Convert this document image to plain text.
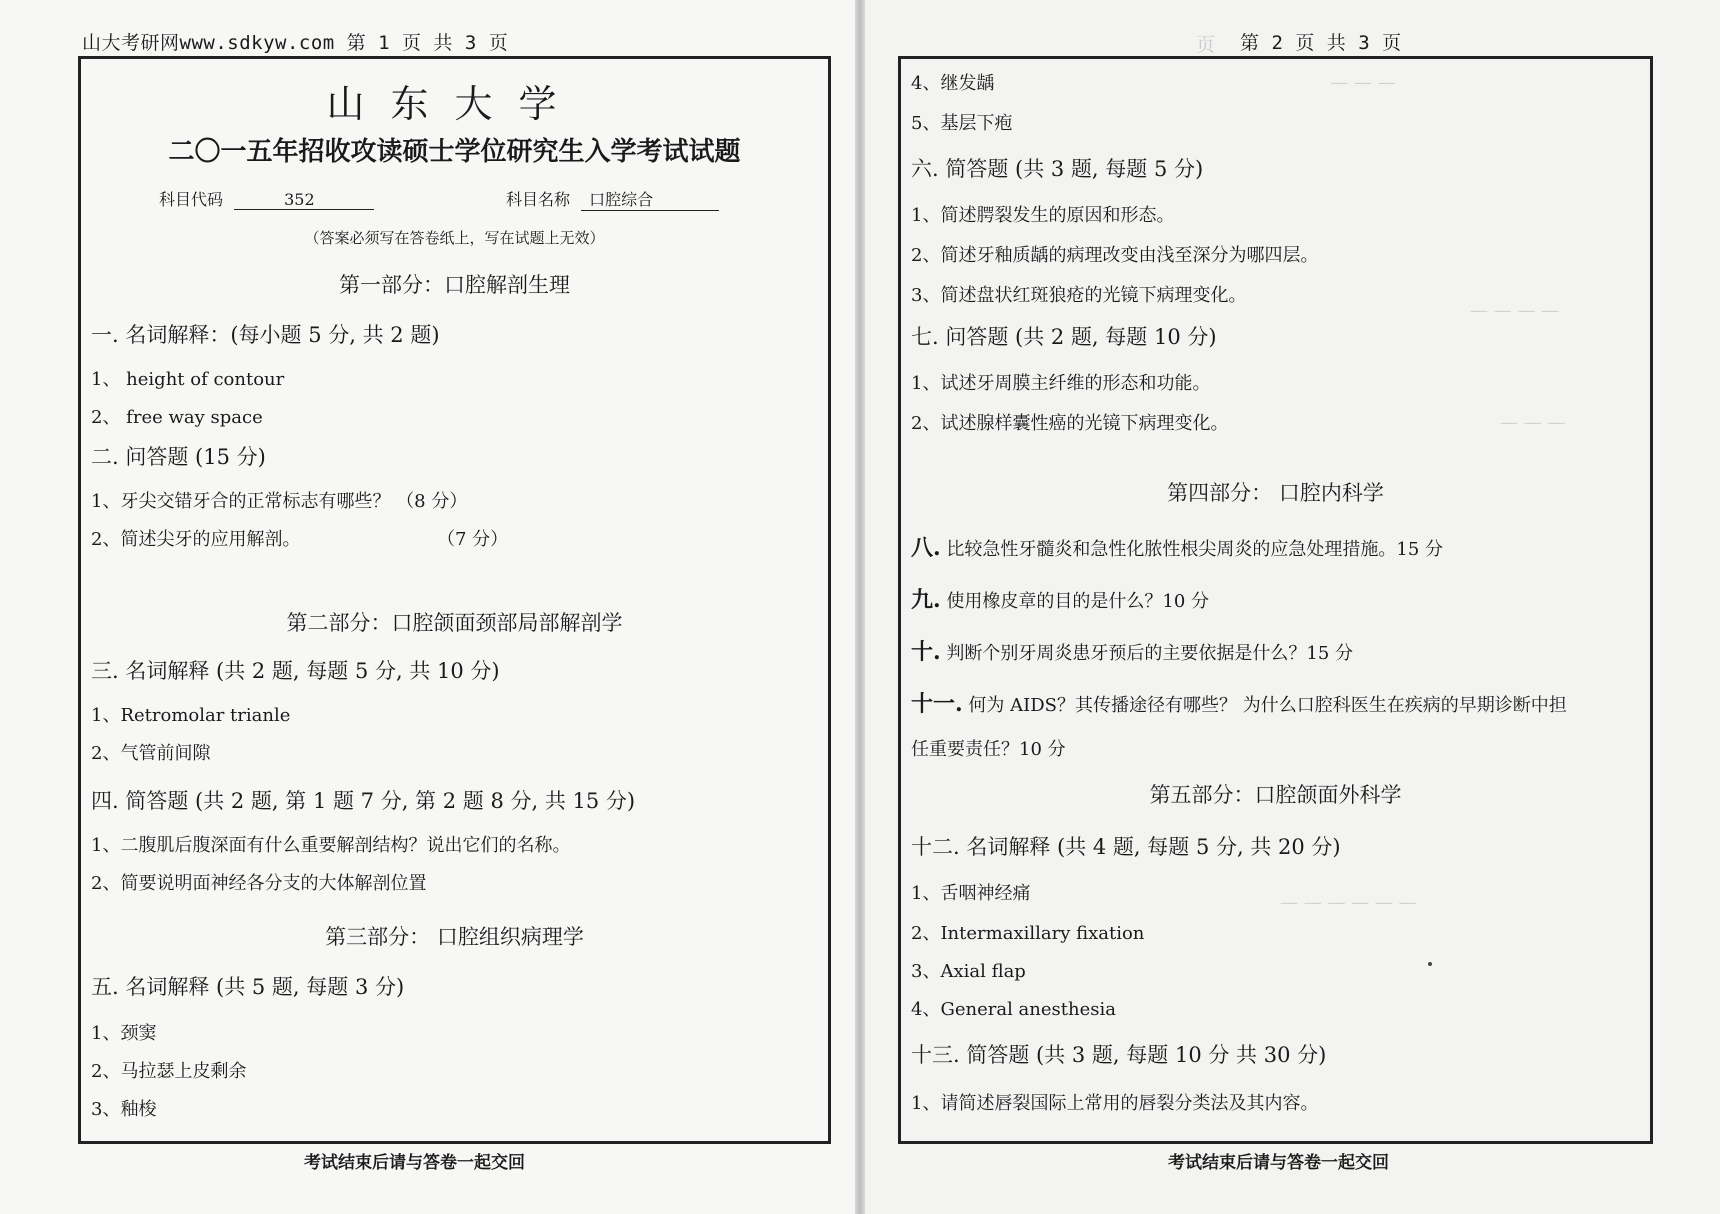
页
— — —
— — — —
— — —
— — — — — —
山大考研网www.sdkyw.com 第 1 页 共 3 页
山东大学
二〇一五年招收攻读硕士学位研究生入学考试试题
科目代码	352	科目名称 口腔综合
（答案必须写在答卷纸上，写在试题上无效）
第一部分：口腔解剖生理
一. 名词解释：(每小题 5 分, 共 2 题)
1、 height of contour
2、 free way space
二. 问答题 (15 分)
1、牙尖交错牙合的正常标志有哪些？ （8 分）
2、简述尖牙的应用解剖。	（7 分）
第二部分：口腔颌面颈部局部解剖学
三. 名词解释 (共 2 题, 每题 5 分, 共 10 分)
1、Retromolar trianle
2、气管前间隙
四. 简答题 (共 2 题, 第 1 题 7 分, 第 2 题 8 分, 共 15 分)
1、二腹肌后腹深面有什么重要解剖结构？说出它们的名称。
2、简要说明面神经各分支的大体解剖位置
第三部分： 口腔组织病理学
五. 名词解释 (共 5 题, 每题 3 分)
1、颈窦
2、马拉瑟上皮剩余
3、釉梭
考试结束后请与答卷一起交回
第 2 页 共 3 页
4、继发龋
5、基层下疱
六. 简答题 (共 3 题, 每题 5 分)
1、简述腭裂发生的原因和形态。
2、简述牙釉质龋的病理改变由浅至深分为哪四层。
3、简述盘状红斑狼疮的光镜下病理变化。
七. 问答题 (共 2 题, 每题 10 分)
1、试述牙周膜主纤维的形态和功能。
2、试述腺样囊性癌的光镜下病理变化。
第四部分： 口腔内科学
八. 比较急性牙髓炎和急性化脓性根尖周炎的应急处理措施。15 分
九. 使用橡皮章的目的是什么？10 分
十. 判断个别牙周炎患牙预后的主要依据是什么？15 分
十一. 何为 AIDS？其传播途径有哪些？ 为什么口腔科医生在疾病的早期诊断中担
任重要责任？10 分
第五部分：口腔颌面外科学
十二. 名词解释 (共 4 题, 每题 5 分, 共 20 分)
1、舌咽神经痛
2、Intermaxillary fixation
3、Axial flap
4、General anesthesia
十三. 简答题 (共 3 题, 每题 10 分 共 30 分)
1、请简述唇裂国际上常用的唇裂分类法及其内容。
考试结束后请与答卷一起交回
